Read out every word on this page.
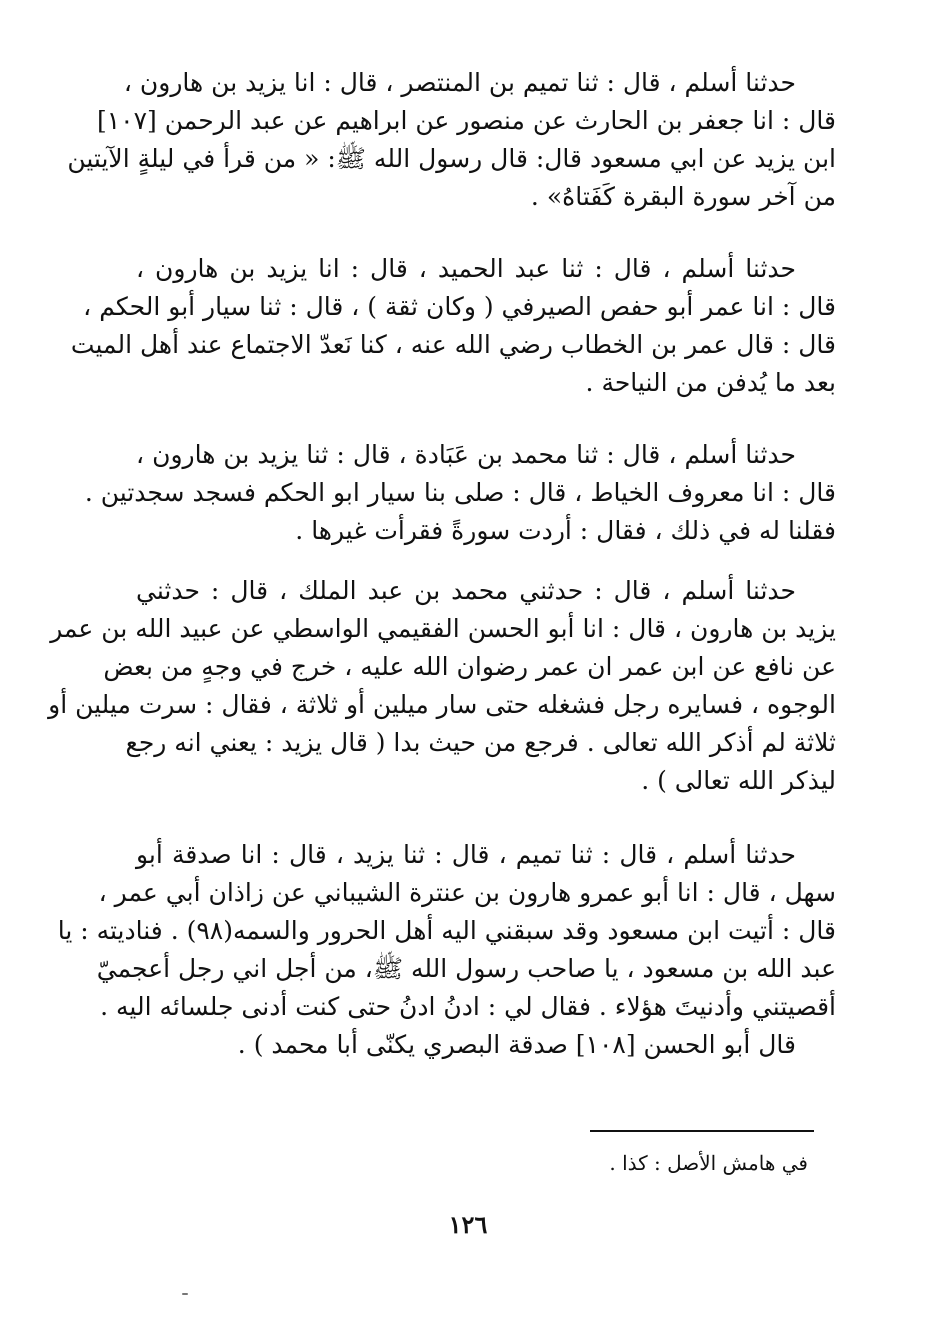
حدثنا أسلم ، قال : ثنا تميم بن المنتصر ، قال : انا يزيد بن هارون ،
قال : انا جعفر بن الحارث عن منصور عن ابراهيم عن عبد الرحمن [١٠٧]
ابن يزيد عن ابي مسعود قال: قال رسول الله ﷺ: « من قرأ في ليلةٍ الآيتين
من آخر سورة البقرة كَفَتاهُ» .
حدثنا أسلم ، قال : ثنا عبد الحميد ، قال : انا يزيد بن هارون ،
قال : انا عمر أبو حفص الصيرفي ( وكان ثقة ) ، قال : ثنا سيار أبو الحكم ،
قال : قال عمر بن الخطاب رضي الله عنه ، كنا نَعدّ الاجتماع عند أهل الميت
بعد ما يُدفن من النياحة .
حدثنا أسلم ، قال : ثنا محمد بن عَبَادة ، قال : ثنا يزيد بن هارون ،
قال : انا معروف الخياط ، قال : صلى بنا سيار ابو الحكم فسجد سجدتين .
فقلنا له في ذلك ، فقال : أردت سورةً فقرأت غيرها .
حدثنا أسلم ، قال : حدثني محمد بن عبد الملك ، قال : حدثني
يزيد بن هارون ، قال : انا أبو الحسن الفقيمي الواسطي عن عبيد الله بن عمر
عن نافع عن ابن عمر ان عمر رضوان الله عليه ، خرج في وجهٍ من بعض
الوجوه ، فسايره رجل فشغله حتى سار ميلين أو ثلاثة ، فقال : سرت ميلين أو
ثلاثة لم أذكر الله تعالى . فرجع من حيث بدا ( قال يزيد : يعني انه رجع
ليذكر الله تعالى ) .
حدثنا أسلم ، قال : ثنا تميم ، قال : ثنا يزيد ، قال : انا صدقة أبو
سهل ، قال : انا أبو عمرو هارون بن عنترة الشيباني عن زاذان أبي عمر ،
قال : أتيت ابن مسعود وقد سبقني اليه أهل الحرور والسمه(٩٨) . فناديته : يا
عبد الله بن مسعود ، يا صاحب رسول الله ﷺ، من أجل اني رجل أعجميّ
أقصيتني وأدنيتَ هؤلاء . فقال لي : ادنُ ادنُ حتى كنت أدنى جلسائه اليه .
قال أبو الحسن [١٠٨] صدقة البصري يكنّى أبا محمد ) .
في هامش الأصل : كذا .
١٢٦
